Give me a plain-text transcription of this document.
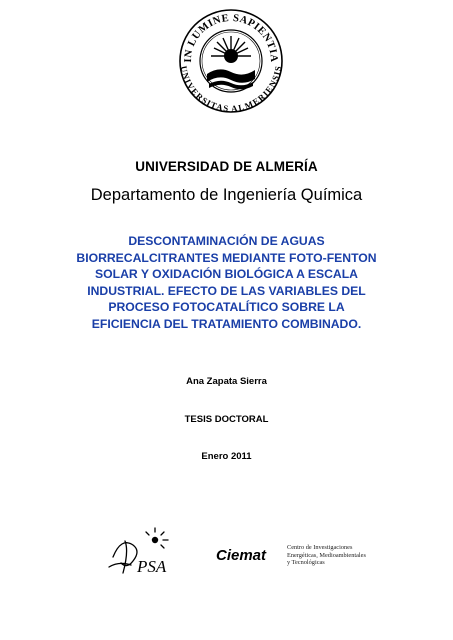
IN LUMINE SAPIENTIA
UNIVERSITAS ALMERIENSIS
UNIVERSIDAD DE ALMERÍA
Departamento de Ingeniería Química
DESCONTAMINACIÓN DE AGUAS
BIORRECALCITRANTES MEDIANTE FOTO-FENTON
SOLAR Y OXIDACIÓN BIOLÓGICA A ESCALA
INDUSTRIAL. EFECTO DE LAS VARIABLES DEL
PROCESO FOTOCATALÍTICO SOBRE LA
EFICIENCIA DEL TRATAMIENTO COMBINADO.
Ana Zapata Sierra
TESIS DOCTORAL
Enero 2011
PSA
Ciemat	Centro de Investigaciones
Energéticas, Medioambientales
y Tecnológicas
